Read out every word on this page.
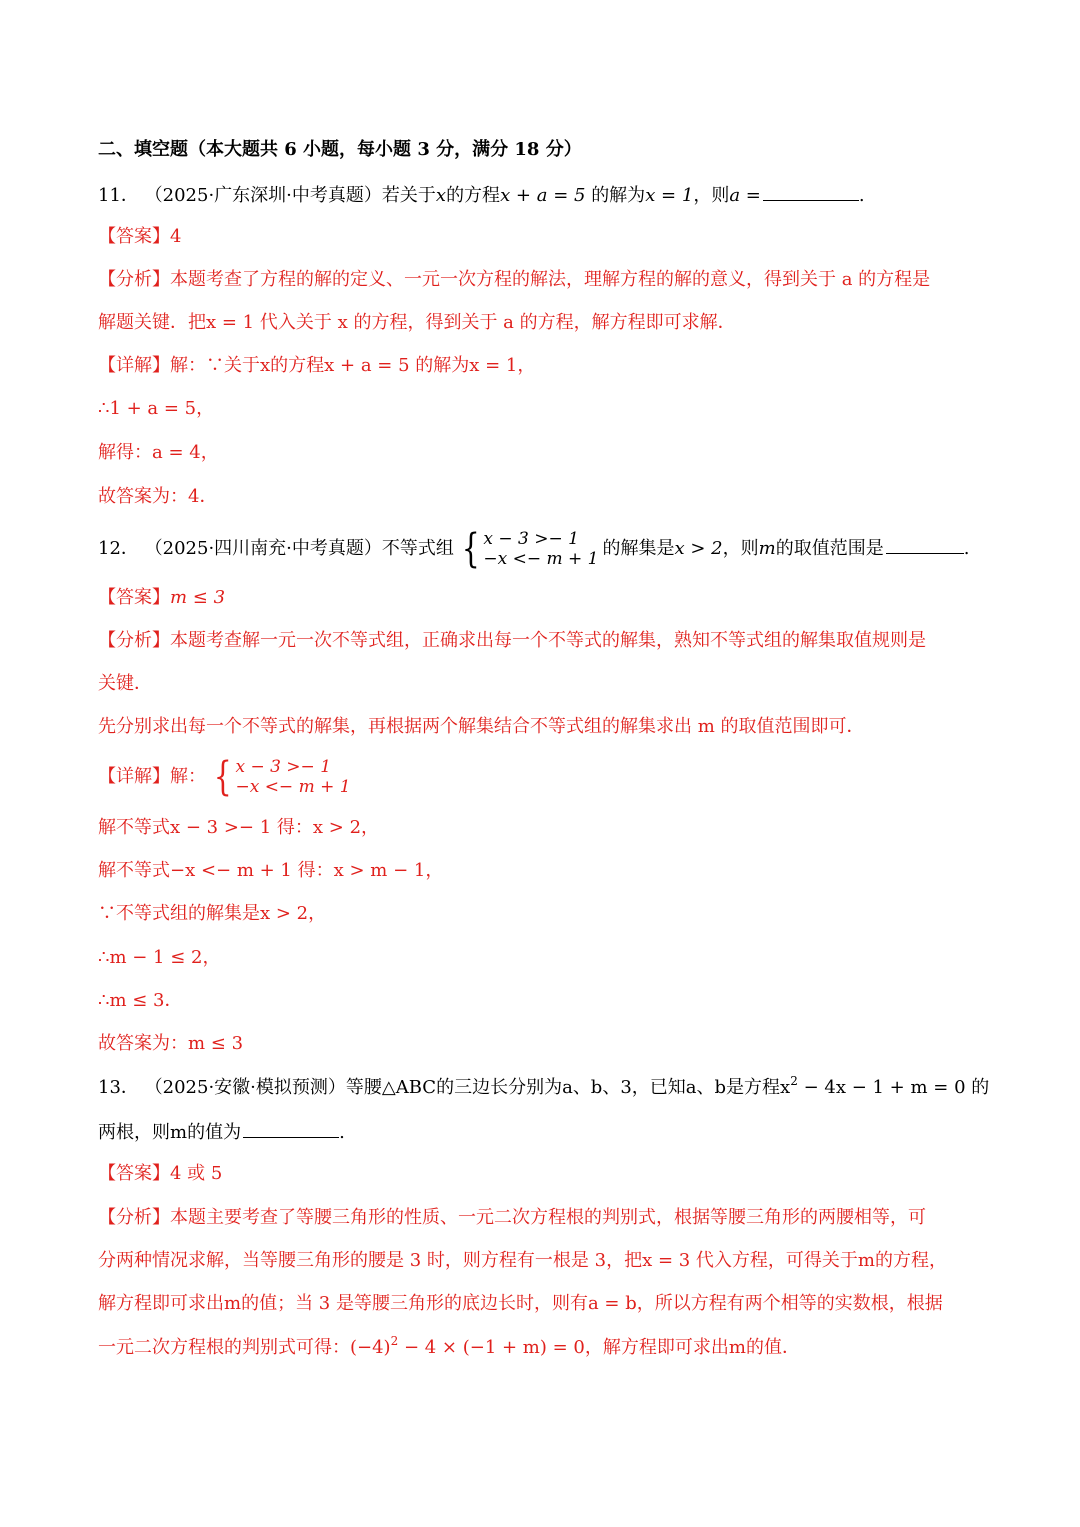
二、填空题（本大题共 6 小题，每小题 3 分，满分 18 分）
11． （2025·广东深圳·中考真题）若关于x的方程x + a = 5 的解为x = 1，则a =	.
【答案】4
【分析】本题考查了方程的解的定义、一元一次方程的解法，理解方程的解的意义，得到关于 a 的方程是
解题关键．把x = 1 代入关于 x 的方程，得到关于 a 的方程，解方程即可求解．
【详解】解：∵关于x的方程x + a = 5 的解为x = 1，
∴1 + a = 5，
解得：a = 4，
故答案为：4．
12． （2025·四川南充·中考真题）不等式组 { x − 3 >− 1
−x <− m + 1 的解集是x > 2，则m的取值范围是	.
【答案】m ≤ 3
【分析】本题考查解一元一次不等式组，正确求出每一个不等式的解集，熟知不等式组的解集取值规则是
关键．
先分别求出每一个不等式的解集，再根据两个解集结合不等式组的解集求出 m 的取值范围即可．
【详解】解： { x − 3 >− 1
−x <− m + 1
解不等式x − 3 >− 1 得：x > 2，
解不等式−x <− m + 1 得：x > m − 1，
∵不等式组的解集是x > 2，
∴m − 1 ≤ 2，
∴m ≤ 3．
故答案为：m ≤ 3
13． （2025·安徽·模拟预测）等腰△ABC的三边长分别为a、b、3，已知a、b是方程$x^2 - 4x - 1 + m = 0$ 的
两根，则m的值为	.
【答案】4 或 5
【分析】本题主要考查了等腰三角形的性质、一元二次方程根的判别式，根据等腰三角形的两腰相等，可
分两种情况求解，当等腰三角形的腰是 3 时，则方程有一根是 3，把x = 3 代入方程，可得关于m的方程，
解方程即可求出m的值；当 3 是等腰三角形的底边长时，则有a = b，所以方程有两个相等的实数根，根据
一元二次方程根的判别式可得：$(-4)^2 - 4 \times (-1 + m) = 0$，解方程即可求出m的值．
